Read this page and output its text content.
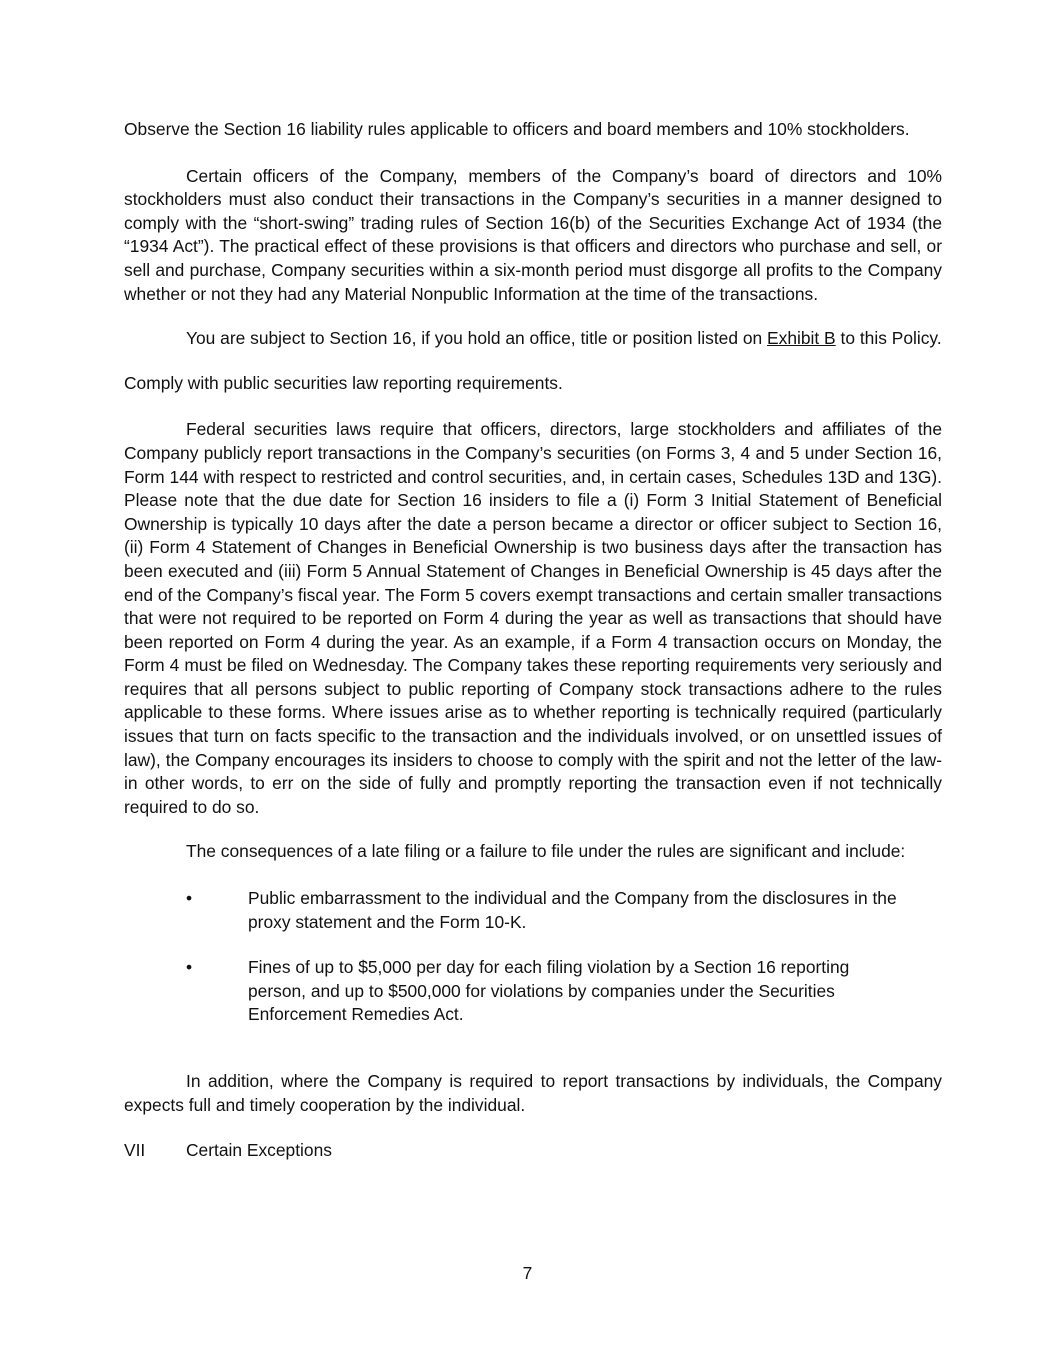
Observe the Section 16 liability rules applicable to officers and board members and 10% stockholders.

Certain officers of the Company, members of the Company’s board of directors and 10% stockholders must also conduct their transactions in the Company’s securities in a manner designed to comply with the “short-swing” trading rules of Section 16(b) of the Securities Exchange Act of 1934 (the “1934 Act”). The practical effect of these provisions is that officers and directors who purchase and sell, or sell and purchase, Company securities within a six-month period must disgorge all profits to the Company whether or not they had any Material Nonpublic Information at the time of the transactions.

You are subject to Section 16, if you hold an office, title or position listed on Exhibit B to this Policy.

Comply with public securities law reporting requirements.

Federal securities laws require that officers, directors, large stockholders and affiliates of the Company publicly report transactions in the Company’s securities (on Forms 3, 4 and 5 under Section 16, Form 144 with respect to restricted and control securities, and, in certain cases, Schedules 13D and 13G). Please note that the due date for Section 16 insiders to file a (i) Form 3 Initial Statement of Beneficial Ownership is typically 10 days after the date a person became a director or officer subject to Section 16, (ii) Form 4 Statement of Changes in Beneficial Ownership is two business days after the transaction has been executed and (iii) Form 5 Annual Statement of Changes in Beneficial Ownership is 45 days after the end of the Company’s fiscal year. The Form 5 covers exempt transactions and certain smaller transactions that were not required to be reported on Form 4 during the year as well as transactions that should have been reported on Form 4 during the year. As an example, if a Form 4 transaction occurs on Monday, the Form 4 must be filed on Wednesday. The Company takes these reporting requirements very seriously and requires that all persons subject to public reporting of Company stock transactions adhere to the rules applicable to these forms. Where issues arise as to whether reporting is technically required (particularly issues that turn on facts specific to the transaction and the individuals involved, or on unsettled issues of law), the Company encourages its insiders to choose to comply with the spirit and not the letter of the law- in other words, to err on the side of fully and promptly reporting the transaction even if not technically required to do so.

The consequences of a late filing or a failure to file under the rules are significant and include:

•	Public embarrassment to the individual and the Company from the disclosures in the proxy statement and the Form 10-K.
•	Fines of up to $5,000 per day for each filing violation by a Section 16 reporting person, and up to $500,000 for violations by companies under the Securities Enforcement Remedies Act.

In addition, where the Company is required to report transactions by individuals, the Company expects full and timely cooperation by the individual.

VII	Certain Exceptions
7
